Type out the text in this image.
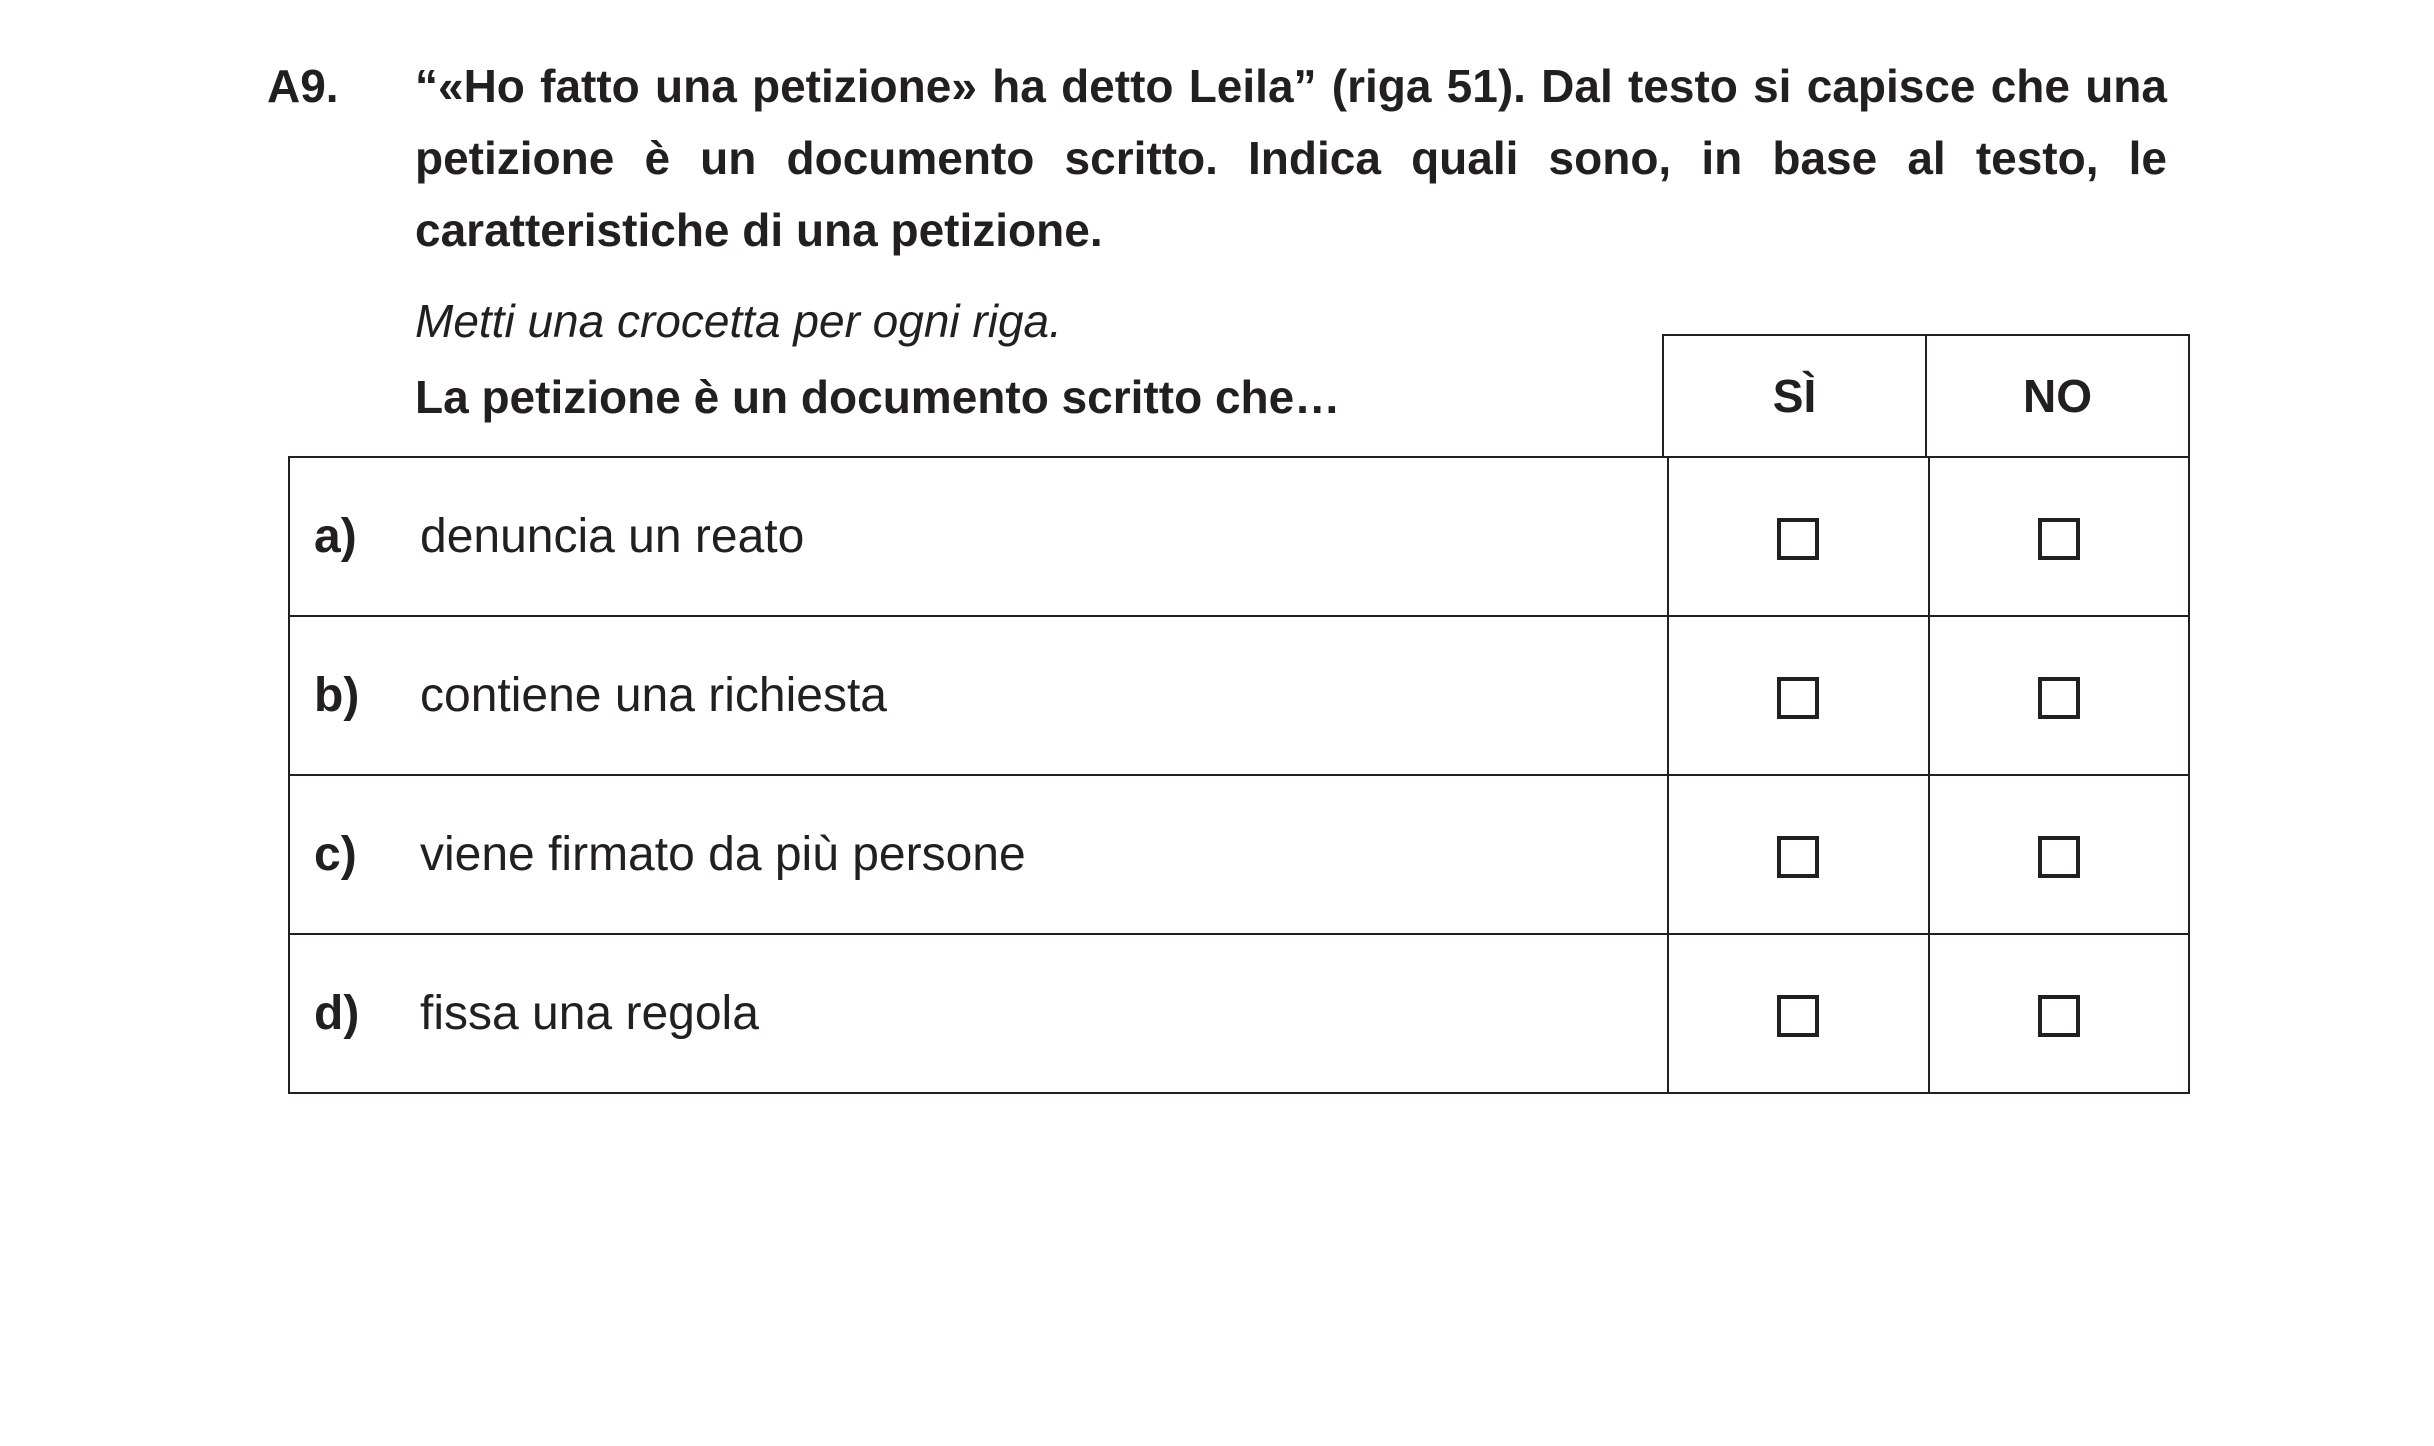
A9. “«Ho fatto una petizione» ha detto Leila” (riga 51). Dal testo si capisce che una petizione è un documento scritto. Indica quali sono, in base al testo, le caratteristiche di una petizione.
Metti una crocetta per ogni riga.
La petizione è un documento scritto che…	SÌ	NO
a) denuncia un reato		
b) contiene una richiesta		
c) viene firmato da più persone		
d) fissa una regola		
